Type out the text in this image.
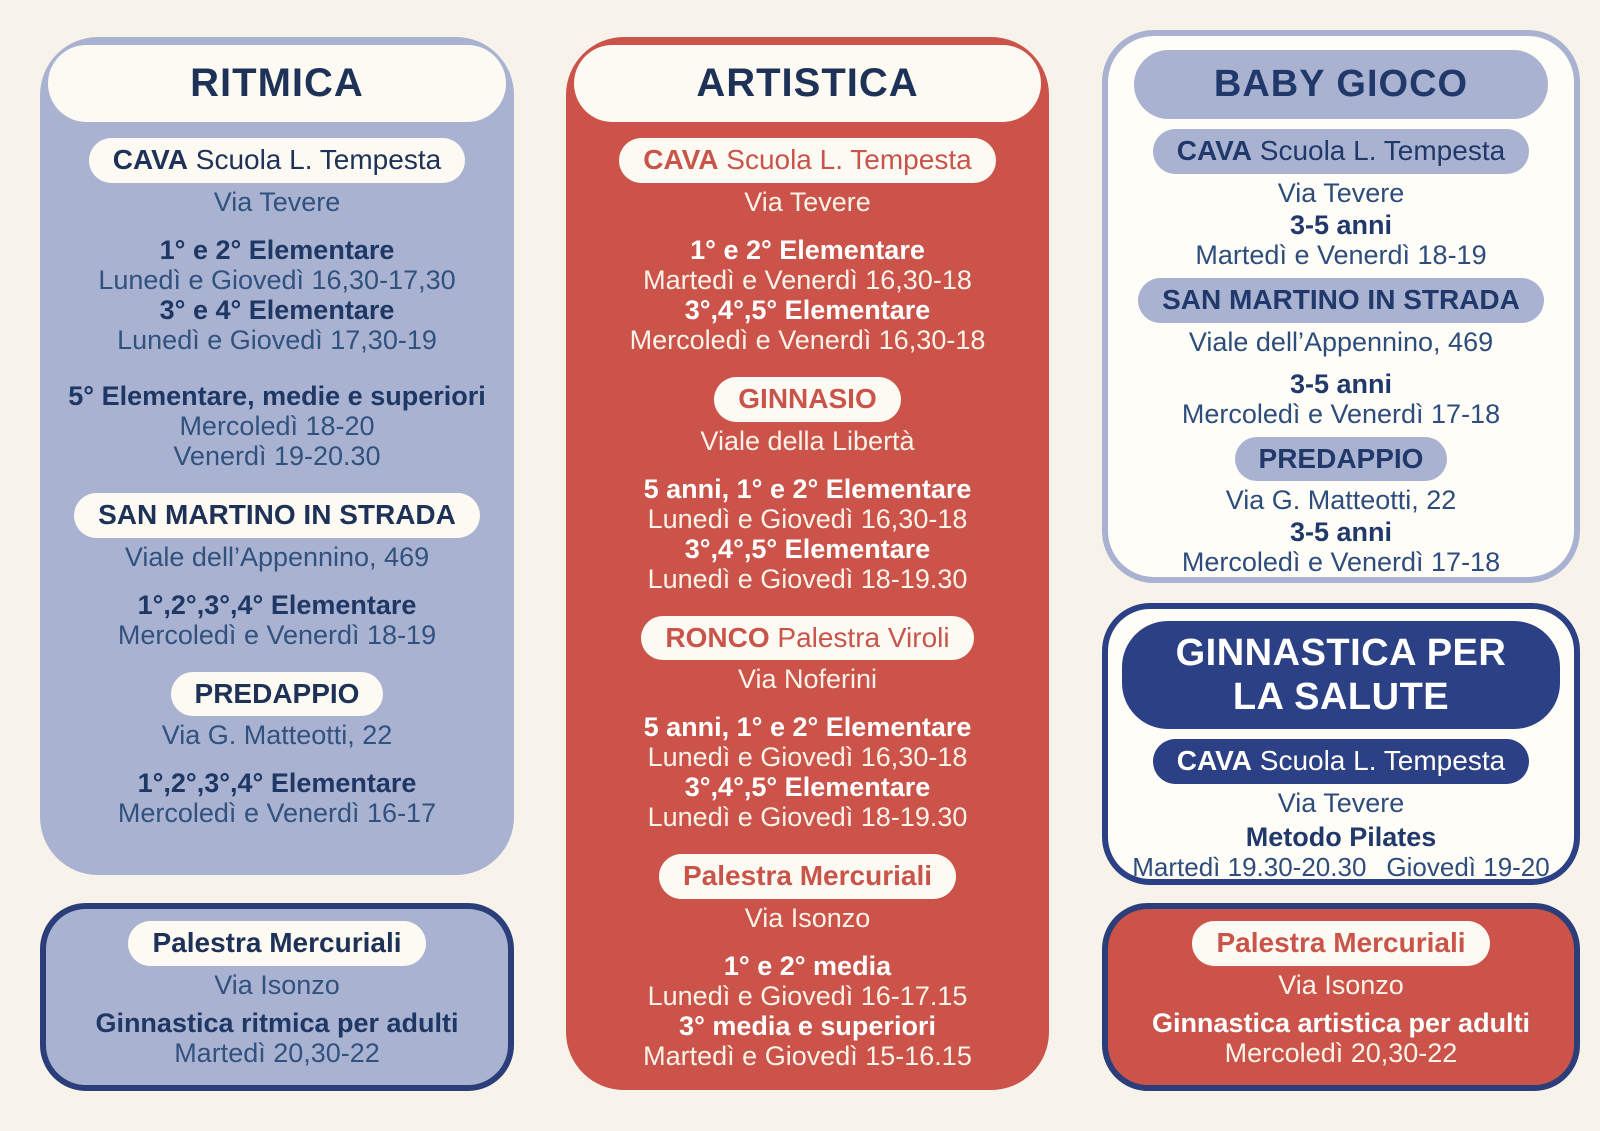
RITMICA
CAVA Scuola L. Tempesta
Via Tevere
1° e 2° Elementare
Lunedì e Giovedì 16,30-17,30
3° e 4° Elementare
Lunedì e Giovedì 17,30-19
5° Elementare, medie e superiori
Mercoledì 18-20
Venerdì 19-20.30
SAN MARTINO IN STRADA
Viale dell’Appennino, 469
1°,2°,3°,4° Elementare
Mercoledì e Venerdì 18-19
PREDAPPIO
Via G. Matteotti, 22
1°,2°,3°,4° Elementare
Mercoledì e Venerdì 16-17
Palestra Mercuriali
Via Isonzo
Ginnastica ritmica per adulti
Martedì 20,30-22
ARTISTICA
CAVA Scuola L. Tempesta
Via Tevere
1° e 2° Elementare
Martedì e Venerdì 16,30-18
3°,4°,5° Elementare
Mercoledì e Venerdì 16,30-18
GINNASIO
Viale della Libertà
5 anni, 1° e 2° Elementare
Lunedì e Giovedì 16,30-18
3°,4°,5° Elementare
Lunedì e Giovedì 18-19.30
RONCO Palestra Viroli
Via Noferini
5 anni, 1° e 2° Elementare
Lunedì e Giovedì 16,30-18
3°,4°,5° Elementare
Lunedì e Giovedì 18-19.30
Palestra Mercuriali
Via Isonzo
1° e 2° media
Lunedì e Giovedì 16-17.15
3° media e superiori
Martedì e Giovedì 15-16.15
BABY GIOCO
CAVA Scuola L. Tempesta
Via Tevere
3-5 anni
Martedì e Venerdì 18-19
SAN MARTINO IN STRADA
Viale dell’Appennino, 469
3-5 anni
Mercoledì e Venerdì 17-18
PREDAPPIO
Via G. Matteotti, 22
3-5 anni
Mercoledì e Venerdì 17-18
GINNASTICA PER
LA SALUTE
CAVA Scuola L. Tempesta
Via Tevere
Metodo Pilates
Martedì 19.30-20.30 Giovedì 19-20
Palestra Mercuriali
Via Isonzo
Ginnastica artistica per adulti
Mercoledì 20,30-22
